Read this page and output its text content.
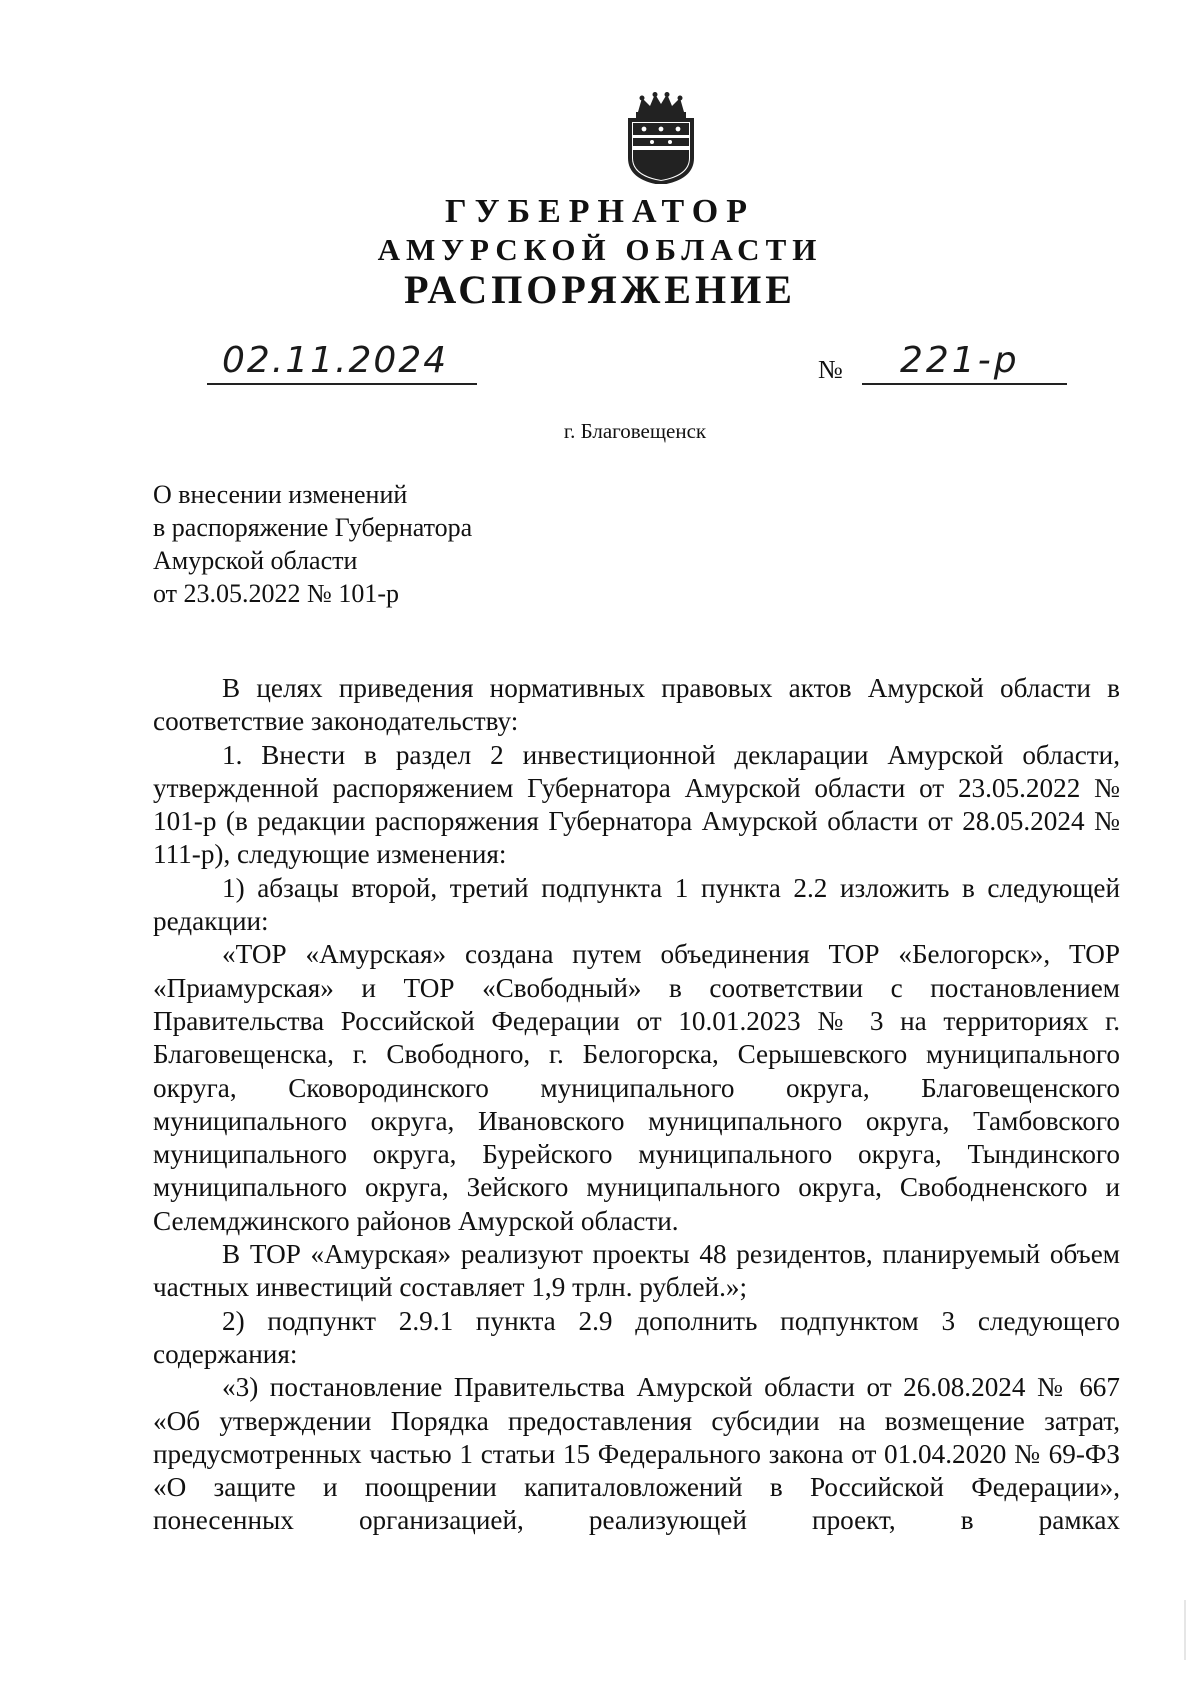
ГУБЕРНАТОР
АМУРСКОЙ ОБЛАСТИ
РАСПОРЯЖЕНИЕ
02.11.2024	№ 221-р
г. Благовещенск
О внесении изменений
в распоряжение Губернатора
Амурской области
от 23.05.2022 № 101-р

В целях приведения нормативных правовых актов Амурской области в соответствие законодательству:

1. Внести в раздел 2 инвестиционной декларации Амурской области, утвержденной распоряжением Губернатора Амурской области от 23.05.2022 № 101-р (в редакции распоряжения Губернатора Амурской области от 28.05.2024 № 111-р), следующие изменения:

1) абзацы второй, третий подпункта 1 пункта 2.2 изложить в следующей редакции:

«ТОР «Амурская» создана путем объединения ТОР «Белогорск», ТОР «Приамурская» и ТОР «Свободный» в соответствии с постановлением Правительства Российской Федерации от 10.01.2023 № 3 на территориях г. Благовещенска, г. Свободного, г. Белогорска, Серышевского муниципального округа, Сковородинского муниципального округа, Благовещенского муниципального округа, Ивановского муниципального округа, Тамбовского муниципального округа, Бурейского муниципального округа, Тындинского муниципального округа, Зейского муниципального округа, Свободненского и Селемджинского районов Амурской области.

В ТОР «Амурская» реализуют проекты 48 резидентов, планируемый объем частных инвестиций составляет 1,9 трлн. рублей.»;

2) подпункт 2.9.1 пункта 2.9 дополнить подпунктом 3 следующего содержания:

«3) постановление Правительства Амурской области от 26.08.2024 № 667 «Об утверждении Порядка предоставления субсидии на возмещение затрат, предусмотренных частью 1 статьи 15 Федерального закона от 01.04.2020 № 69-ФЗ «О защите и поощрении капиталовложений в Российской Федерации», понесенных организацией, реализующей проект, в рамках
